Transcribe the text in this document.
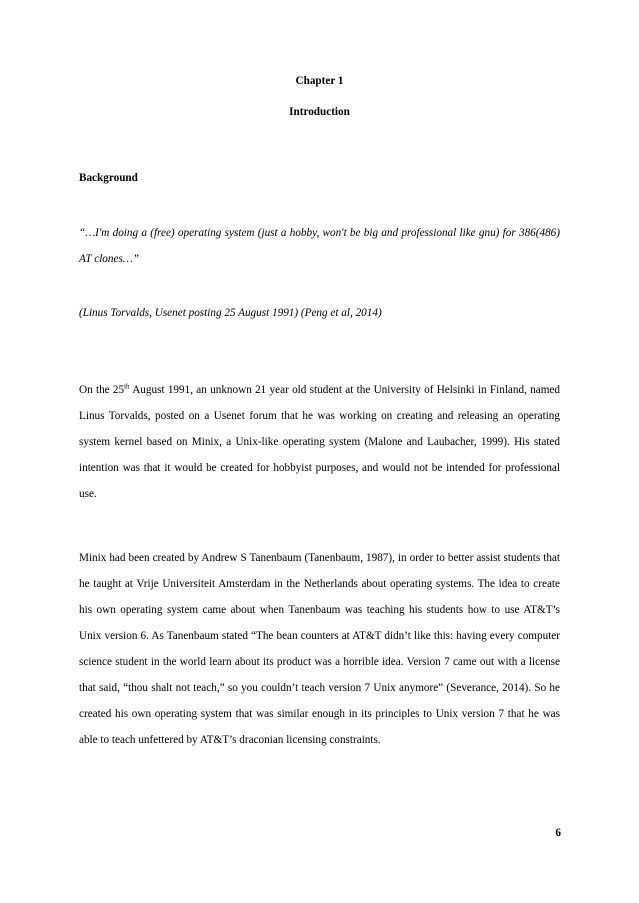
Chapter 1
Introduction
Background
“…I'm doing a (free) operating system (just a hobby, won't be big and professional like gnu) for 386(486) AT clones…”
(Linus Torvalds, Usenet posting 25 August 1991) (Peng et al, 2014)
On the 25th August 1991, an unknown 21 year old student at the University of Helsinki in Finland, named Linus Torvalds, posted on a Usenet forum that he was working on creating and releasing an operating system kernel based on Minix, a Unix-like operating system (Malone and Laubacher, 1999). His stated intention was that it would be created for hobbyist purposes, and would not be intended for professional use.
Minix had been created by Andrew S Tanenbaum (Tanenbaum, 1987), in order to better assist students that he taught at Vrije Universiteit Amsterdam in the Netherlands about operating systems. The idea to create his own operating system came about when Tanenbaum was teaching his students how to use AT&T’s Unix version 6. As Tanenbaum stated “The bean counters at AT&T didn’t like this: having every computer science student in the world learn about its product was a horrible idea. Version 7 came out with a license that said, “thou shalt not teach,” so you couldn’t teach version 7 Unix anymore” (Severance, 2014). So he created his own operating system that was similar enough in its principles to Unix version 7 that he was able to teach unfettered by AT&T’s draconian licensing constraints.
6
